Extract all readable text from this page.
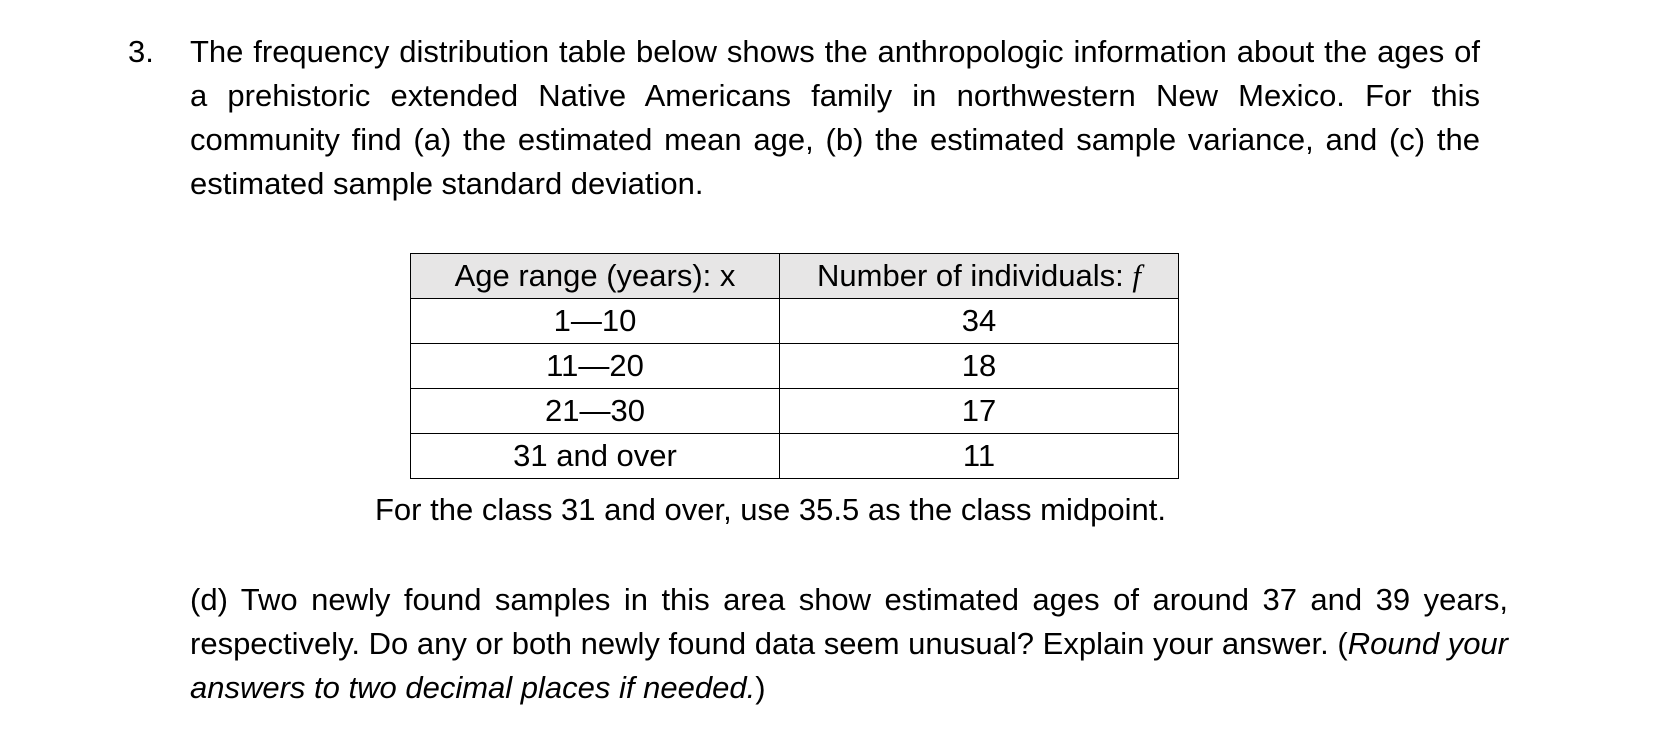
3. The frequency distribution table below shows the anthropologic information about the ages of a prehistoric extended Native Americans family in northwestern New Mexico. For this community find (a) the estimated mean age, (b) the estimated sample variance, and (c) the estimated sample standard deviation.
Age range (years): x	Number of individuals: f
1—10	34
11—20	18
21—30	17
31 and over	11
For the class 31 and over, use 35.5 as the class midpoint.
(d) Two newly found samples in this area show estimated ages of around 37 and 39 years, respectively. Do any or both newly found data seem unusual? Explain your answer. (Round your answers to two decimal places if needed.)
